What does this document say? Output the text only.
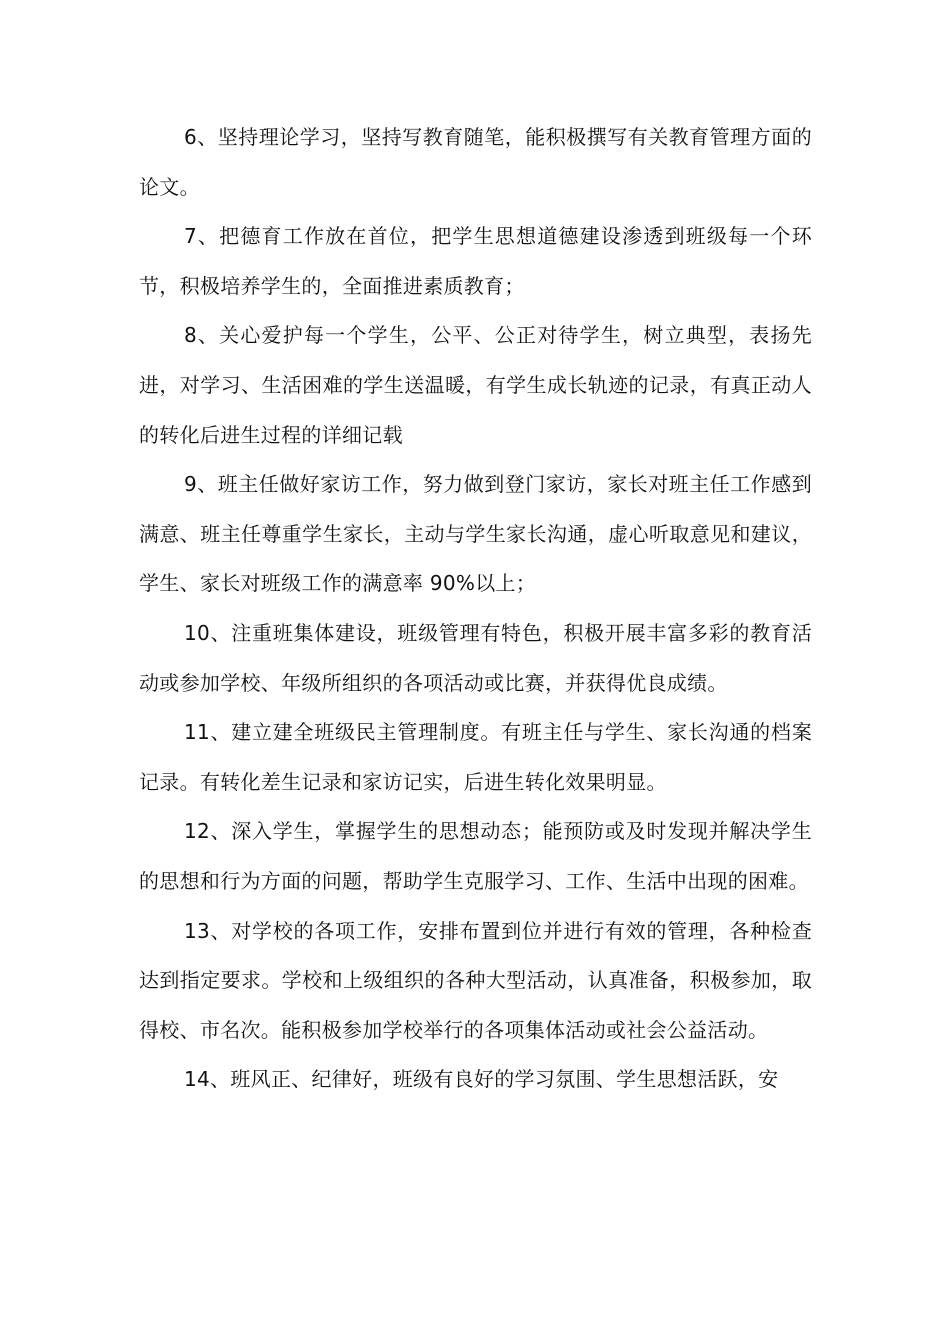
6、坚持理论学习，坚持写教育随笔，能积极撰写有关教育管理方面的论文。

7、把德育工作放在首位，把学生思想道德建设渗透到班级每一个环节，积极培养学生的，全面推进素质教育；

8、关心爱护每一个学生，公平、公正对待学生，树立典型，表扬先进，对学习、生活困难的学生送温暖，有学生成长轨迹的记录，有真正动人的转化后进生过程的详细记载

9、班主任做好家访工作，努力做到登门家访，家长对班主任工作感到满意、班主任尊重学生家长，主动与学生家长沟通，虚心听取意见和建议，学生、家长对班级工作的满意率 90%以上；

10、注重班集体建设，班级管理有特色，积极开展丰富多彩的教育活动或参加学校、年级所组织的各项活动或比赛，并获得优良成绩。

11、建立建全班级民主管理制度。有班主任与学生、家长沟通的档案记录。有转化差生记录和家访记实，后进生转化效果明显。

12、深入学生，掌握学生的思想动态；能预防或及时发现并解决学生的思想和行为方面的问题，帮助学生克服学习、工作、生活中出现的困难。

13、对学校的各项工作，安排布置到位并进行有效的管理，各种检查达到指定要求。学校和上级组织的各种大型活动，认真准备，积极参加，取得校、市名次。能积极参加学校举行的各项集体活动或社会公益活动。

14、班风正、纪律好，班级有良好的学习氛围、学生思想活跃，安
